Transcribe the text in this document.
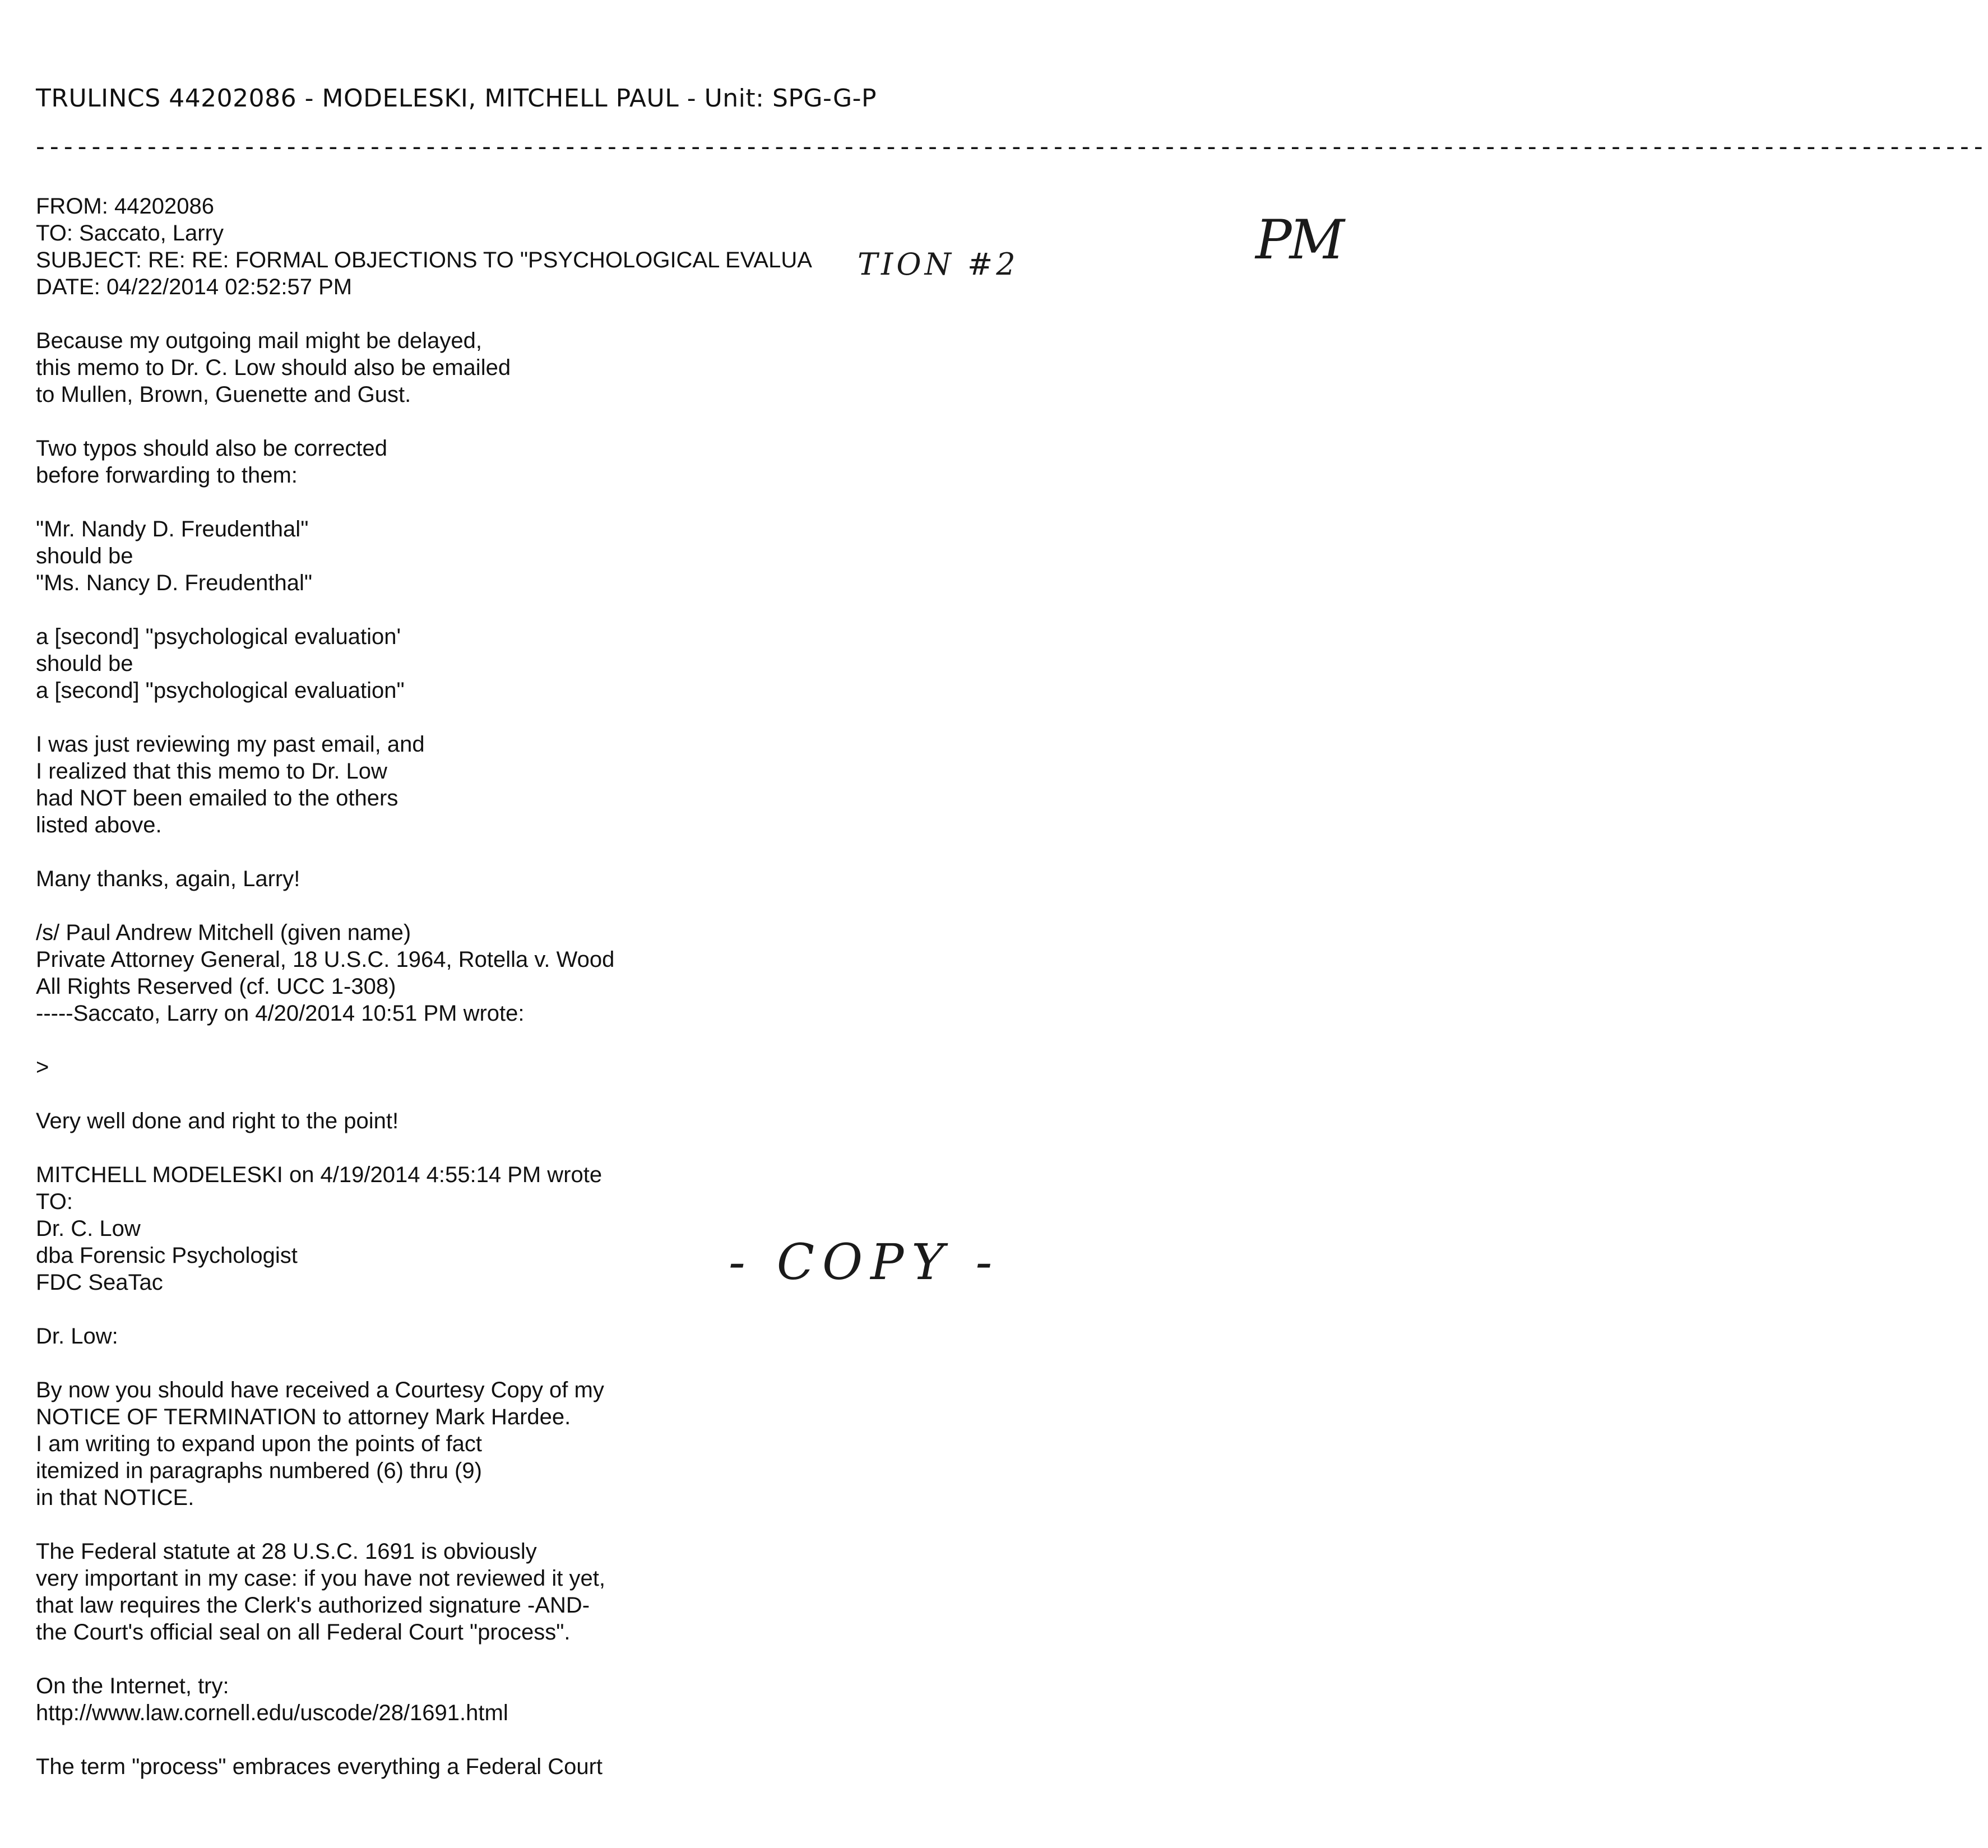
TRULINCS 44202086 - MODELESKI, MITCHELL PAUL - Unit: SPG-G-P
--------------------------------------------------------------------------------------------------------------------------------------------
FROM: 44202086
TO: Saccato, Larry
SUBJECT: RE: RE: FORMAL OBJECTIONS TO "PSYCHOLOGICAL EVALUA
DATE: 04/22/2014 02:52:57 PM
Because my outgoing mail might be delayed,
this memo to Dr. C. Low should also be emailed
to Mullen, Brown, Guenette and Gust.
Two typos should also be corrected
before forwarding to them:
"Mr. Nandy D. Freudenthal"
should be
"Ms. Nancy D. Freudenthal"
a [second] "psychological evaluation'
should be
a [second] "psychological evaluation"
I was just reviewing my past email, and
I realized that this memo to Dr. Low
had NOT been emailed to the others
listed above.
Many thanks, again, Larry!
/s/ Paul Andrew Mitchell (given name)
Private Attorney General, 18 U.S.C. 1964, Rotella v. Wood
All Rights Reserved (cf. UCC 1-308)
-----Saccato, Larry on 4/20/2014 10:51 PM wrote:
>
Very well done and right to the point!
MITCHELL MODELESKI on 4/19/2014 4:55:14 PM wrote
TO:
Dr. C. Low
dba Forensic Psychologist
FDC SeaTac
Dr. Low:
By now you should have received a Courtesy Copy of my
NOTICE OF TERMINATION to attorney Mark Hardee.
I am writing to expand upon the points of fact
itemized in paragraphs numbered (6) thru (9)
in that NOTICE.
The Federal statute at 28 U.S.C. 1691 is obviously
very important in my case: if you have not reviewed it yet,
that law requires the Clerk's authorized signature -AND-
the Court's official seal on all Federal Court "process".
On the Internet, try:
http://www.law.cornell.edu/uscode/28/1691.html
The term "process" embraces everything a Federal Court
TION #2	PM
- COPY -
